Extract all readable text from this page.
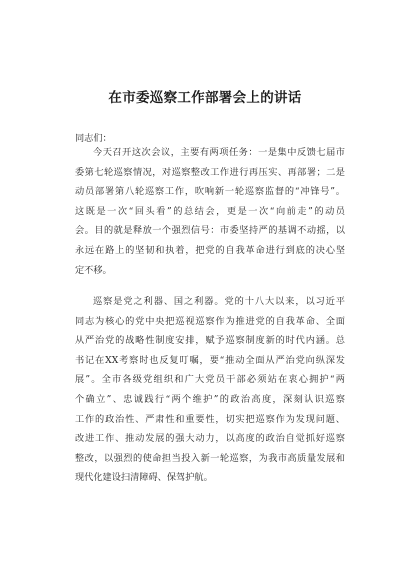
在市委巡察工作部署会上的讲话
同志们：
今天召开这次会议，主要有两项任务：一是集中反馈七届市
委第七轮巡察情况，对巡察整改工作进行再压实、再部署；二是
动员部署第八轮巡察工作，吹响新一轮巡察监督的“冲锋号”。
这既是一次“回头看”的总结会，更是一次“向前走”的动员
会。目的就是释放一个强烈信号：市委坚持严的基调不动摇，以
永远在路上的坚韧和执着，把党的自我革命进行到底的决心坚
定不移。
巡察是党之利器、国之利器。党的十八大以来，以习近平
同志为核心的党中央把巡视巡察作为推进党的自我革命、全面
从严治党的战略性制度安排，赋予巡察制度新的时代内涵。总
书记在XX考察时也反复叮嘱，要“推动全面从严治党向纵深发
展”。全市各级党组织和广大党员干部必须站在衷心拥护“两
个确立”、忠诚践行“两个维护”的政治高度，深刻认识巡察
工作的政治性、严肃性和重要性，切实把巡察作为发现问题、
改进工作、推动发展的强大动力，以高度的政治自觉抓好巡察
整改，以强烈的使命担当投入新一轮巡察，为我市高质量发展和
现代化建设扫清障碍、保驾护航。
